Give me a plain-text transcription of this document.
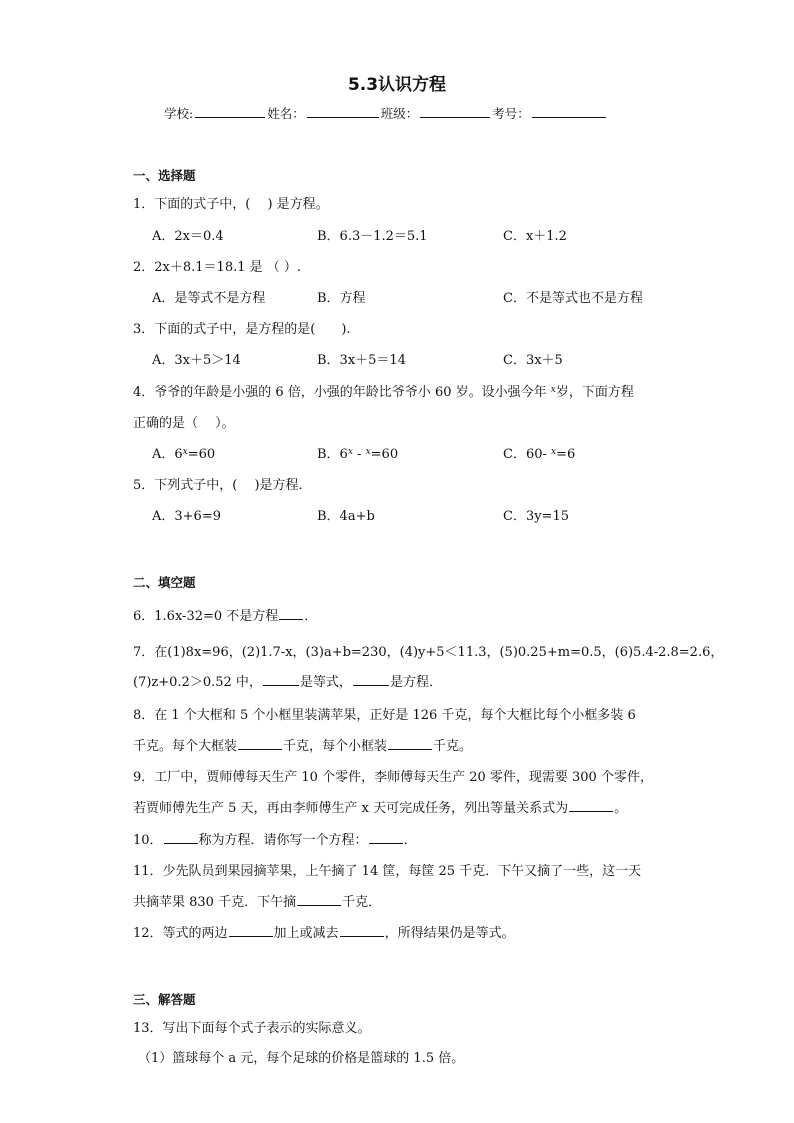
5.3认识方程
学校:	姓名：	班级：	考号：
一、选择题
1．下面的式子中，(　 ) 是方程。
A．2x＝0.4	B．6.3－1.2＝5.1	C．x＋1.2
2．2x＋8.1＝18.1 是 （ ）.
A．是等式不是方程	B．方程	C．不是等式也不是方程
3．下面的式子中，是方程的是(　　).
A．3x＋5＞14	B．3x＋5＝14	C．3x＋5
4．爷爷的年龄是小强的 6 倍，小强的年龄比爷爷小 60 岁。设小强今年 $^x$岁，下面方程
正确的是（　 ）。
A．$6^x=60$	B．6$^x$ - $^x$=60	C．60- $^x$=6
5．下列式子中，(　 )是方程．
A．3+6=9	B．4a+b	C．3y=15
二、填空题
6．1.6x-32=0 不是方程 ．
7．在(1)8x=96，(2)1.7-x，(3)a+b=230，(4)y+5＜11.3，(5)0.25+m=0.5，(6)5.4-2.8=2.6，
(7)z+0.2＞0.52 中，	是等式，	是方程．
8．在 1 个大框和 5 个小框里装满苹果，正好是 126 千克，每个大框比每个小框多装 6
千克。每个大框装	千克，每个小框装	千克。
9．工厂中，贾师傅每天生产 10 个零件，李师傅每天生产 20 零件，现需要 300 个零件，
若贾师傅先生产 5 天，再由李师傅生产 x 天可完成任务，列出等量关系式为	。
10．	称为方程．请你写一个方程：	．
11．少先队员到果园摘苹果，上午摘了 14 筐，每筐 25 千克．下午又摘了一些，这一天
共摘苹果 830 千克．下午摘	千克．
12．等式的两边	加上或减去	，所得结果仍是等式。
三、解答题
13．写出下面每个式子表示的实际意义。
（1）篮球每个 a 元，每个足球的价格是篮球的 1.5 倍。
